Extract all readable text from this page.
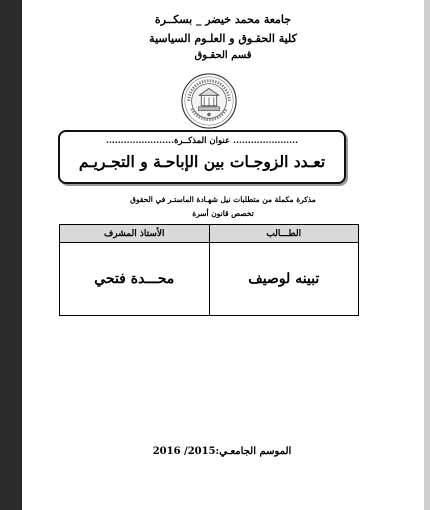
جامعة محمد خيضر _ بسكــرة
كلية الحقـوق و العلـوم السياسية
قسم الحقـوق
...................... عنوان المذكــرة.......................
تعـدد الزوجـات بين الإباحـة و التجـريـم
مذكرة مكملة من متطلبات نيل شهـادة الماستـر في الحقوق
تخصص قانون أسرة
الطـــالب	الأستاذ المشرف
تبينه لوصيف	محـــدة فتحي
الموسم الجامعـي:2015/ 2016
